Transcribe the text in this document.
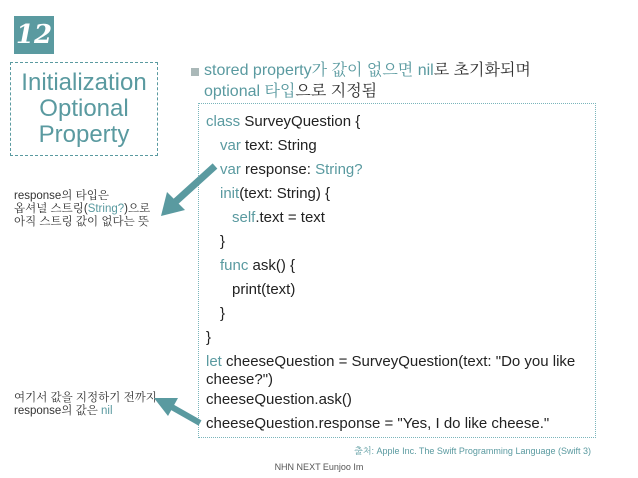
12
Initialization
Optional
Property
stored property가 값이 없으면 nil로 초기화되며
optional 타입으로 지정됨
class SurveyQuestion {
var text: String
var response: String?
init(text: String) {
self.text = text
}
func ask() {
print(text)
}
}
let cheeseQuestion = SurveyQuestion(text: "Do you like
cheese?")
cheeseQuestion.ask()
cheeseQuestion.response = "Yes, I do like cheese."
출처: Apple Inc. The Swift Programming Language (Swift 3)
NHN NEXT Eunjoo Im
response의 타입은
옵셔널 스트링(String?)으로
아직 스트링 값이 없다는 뜻
여기서 값을 지정하기 전까지
response의 값은 nil
